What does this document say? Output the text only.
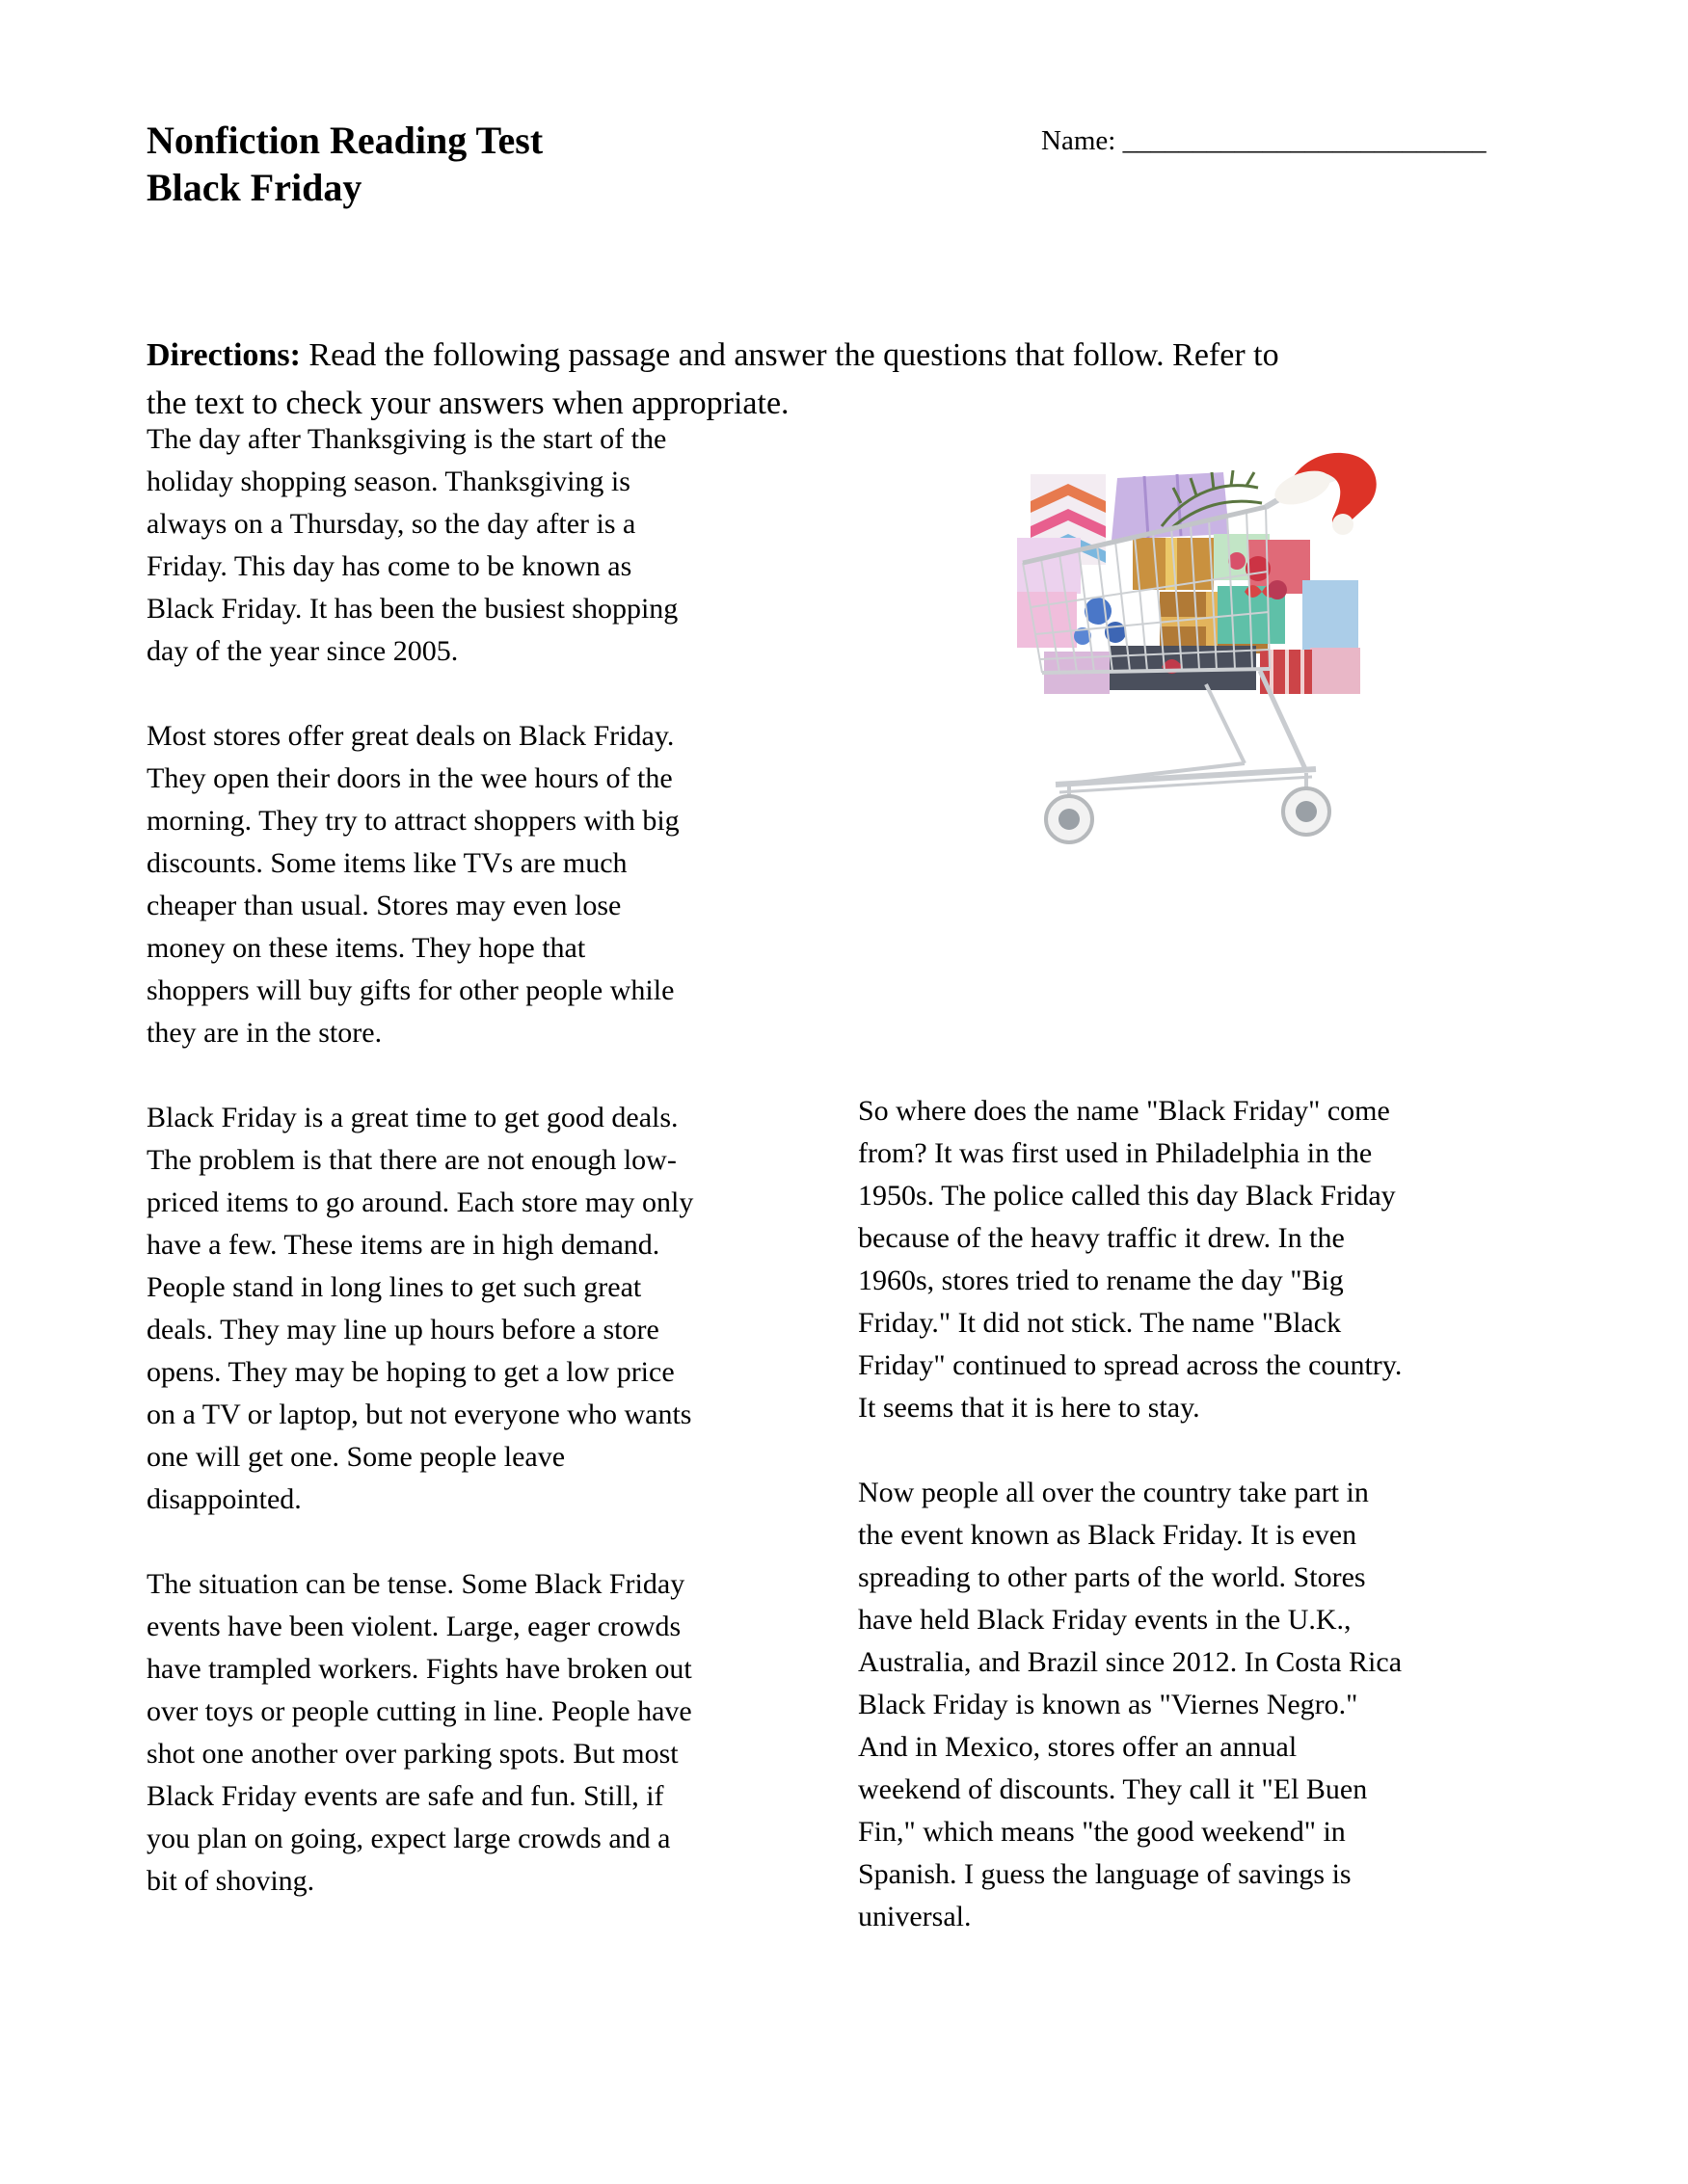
Name: __________________________
Nonfiction Reading Test
Black Friday

Directions: Read the following passage and answer the questions that follow. Refer to
the text to check your answers when appropriate.

The day after Thanksgiving is the start of the
holiday shopping season. Thanksgiving is
always on a Thursday, so the day after is a
Friday. This day has come to be known as
Black Friday. It has been the busiest shopping
day of the year since 2005.

Most stores offer great deals on Black Friday.
They open their doors in the wee hours of the
morning. They try to attract shoppers with big
discounts. Some items like TVs are much
cheaper than usual. Stores may even lose
money on these items. They hope that
shoppers will buy gifts for other people while
they are in the store.

Black Friday is a great time to get good deals.
The problem is that there are not enough low-
priced items to go around. Each store may only
have a few. These items are in high demand.
People stand in long lines to get such great
deals. They may line up hours before a store
opens. They may be hoping to get a low price
on a TV or laptop, but not everyone who wants
one will get one. Some people leave
disappointed.

The situation can be tense. Some Black Friday
events have been violent. Large, eager crowds
have trampled workers. Fights have broken out
over toys or people cutting in line. People have
shot one another over parking spots. But most
Black Friday events are safe and fun. Still, if
you plan on going, expect large crowds and a
bit of shoving.

So where does the name "Black Friday" come
from? It was first used in Philadelphia in the
1950s. The police called this day Black Friday
because of the heavy traffic it drew. In the
1960s, stores tried to rename the day "Big
Friday." It did not stick. The name "Black
Friday" continued to spread across the country.
It seems that it is here to stay.

Now people all over the country take part in
the event known as Black Friday. It is even
spreading to other parts of the world. Stores
have held Black Friday events in the U.K.,
Australia, and Brazil since 2012. In Costa Rica
Black Friday is known as "Viernes Negro."
And in Mexico, stores offer an annual
weekend of discounts. They call it "El Buen
Fin," which means "the good weekend" in
Spanish. I guess the language of savings is
universal.
